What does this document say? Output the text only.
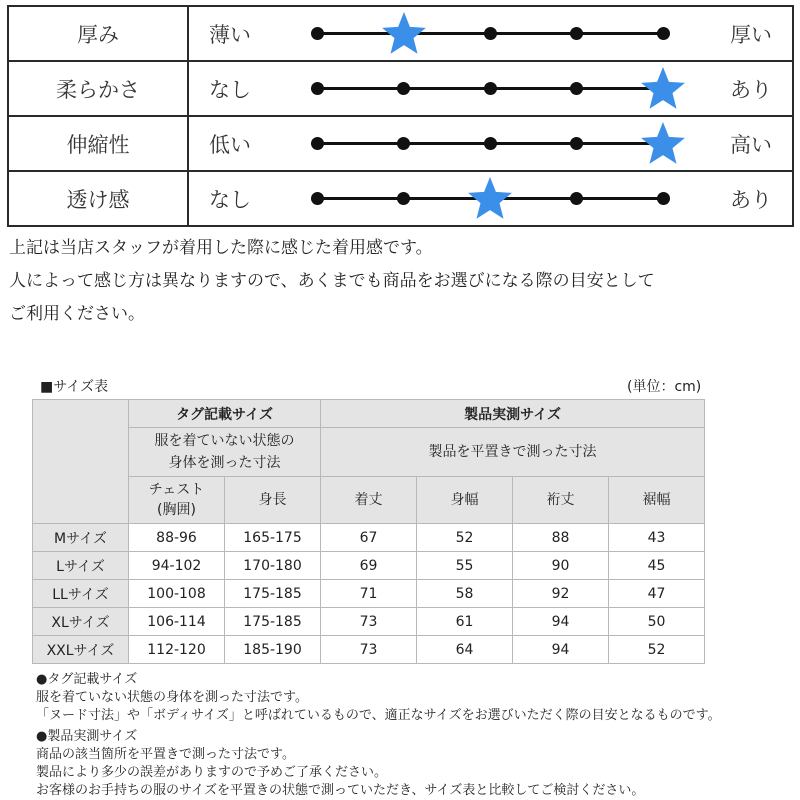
厚み	薄い	厚い
柔らかさ	なし	あり
伸縮性	低い	高い
透け感	なし	あり
上記は当店スタッフが着用した際に感じた着用感です。
人によって感じ方は異なりますので、あくまでも商品をお選びになる際の目安として
ご利用ください。
■サイズ表	(単位：cm)
	タグ記載サイズ		製品実測サイズ			
	服を着ていない状態の
身体を測った寸法		製品を平置きで測った寸法			
	チェスト
(胸囲)	身長	着丈	身幅	裄丈	裾幅
Mサイズ	88-96	165-175	67	52	88	43
Lサイズ	94-102	170-180	69	55	90	45
LLサイズ	100-108	175-185	71	58	92	47
XLサイズ	106-114	175-185	73	61	94	50
XXLサイズ	112-120	185-190	73	64	94	52
●タグ記載サイズ
服を着ていない状態の身体を測った寸法です。
「ヌード寸法」や「ボディサイズ」と呼ばれているもので、適正なサイズをお選びいただく際の目安となるものです。
●製品実測サイズ
商品の該当箇所を平置きで測った寸法です。
製品により多少の誤差がありますので予めご了承ください。
お客様のお手持ちの服のサイズを平置きの状態で測っていただき、サイズ表と比較してご検討ください。
